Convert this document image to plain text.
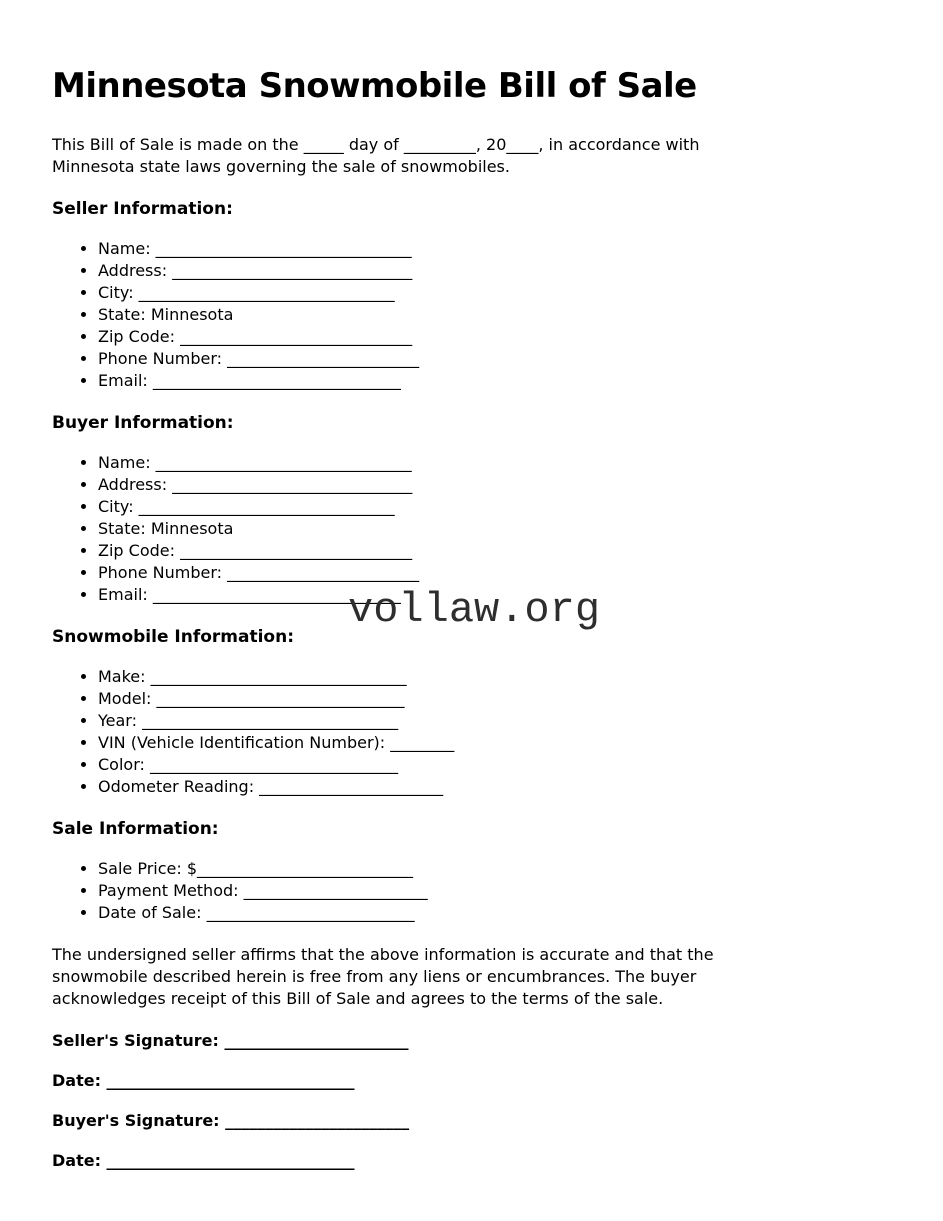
Minnesota Snowmobile Bill of Sale
This Bill of Sale is made on the _____ day of _________, 20____, in accordance with
Minnesota state laws governing the sale of snowmobiles.
Seller Information:
• Name: ________________________________
• Address: ______________________________
• City: ________________________________
• State: Minnesota
• Zip Code: _____________________________
• Phone Number: ________________________
• Email: _______________________________
Buyer Information:
• Name: ________________________________
• Address: ______________________________
• City: ________________________________
• State: Minnesota
• Zip Code: _____________________________
• Phone Number: ________________________
• Email: _______________________________
Snowmobile Information:
• Make: ________________________________
• Model: _______________________________
• Year: ________________________________
• VIN (Vehicle Identification Number): ________
• Color: _______________________________
• Odometer Reading: _______________________
Sale Information:
• Sale Price: $___________________________
• Payment Method: _______________________
• Date of Sale: __________________________
The undersigned seller affirms that the above information is accurate and that the
snowmobile described herein is free from any liens or encumbrances. The buyer
acknowledges receipt of this Bill of Sale and agrees to the terms of the sale.
Seller's Signature: _______________________
Date: _______________________________
Buyer's Signature: _______________________
Date: _______________________________
vollaw.org
